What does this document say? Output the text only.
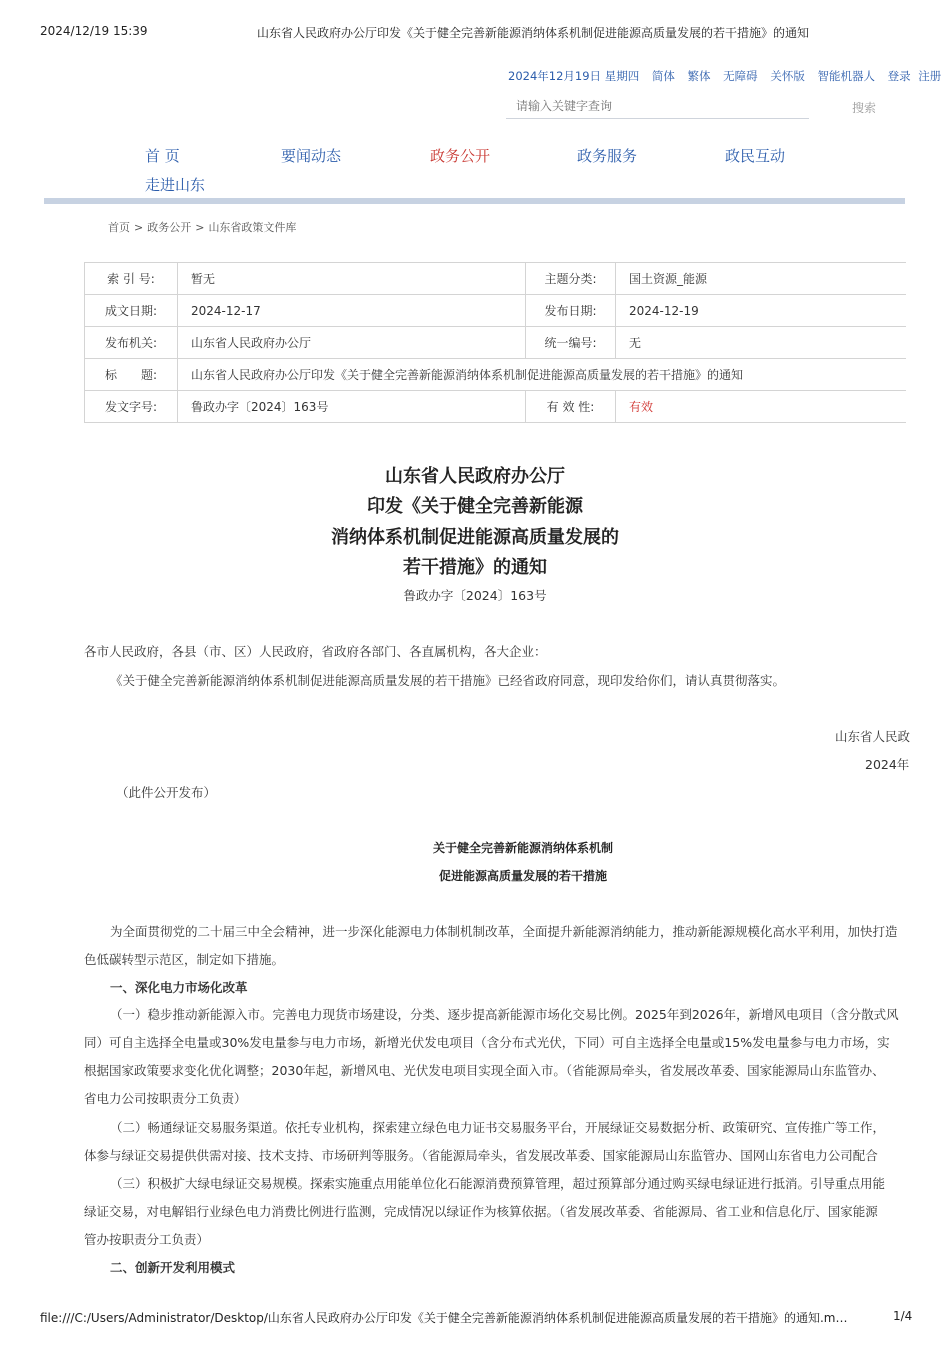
2024/12/19 15:39	山东省人民政府办公厅印发《关于健全完善新能源消纳体系机制促进能源高质量发展的若干措施》的通知
2024年12月19日 星期四 简体 繁体 无障碍 关怀版 智能机器人 登录 注册
请输入关键字查询
搜索
首 页	要闻动态	政务公开	政务服务	政民互动
走进山东
首页 > 政务公开 > 山东省政策文件库
索 引 号:	暂无	主题分类:	国土资源_能源
成文日期:	2024-12-17	发布日期:	2024-12-19
发布机关:	山东省人民政府办公厅	统一编号:	无
标　　题:	山东省人民政府办公厅印发《关于健全完善新能源消纳体系机制促进能源高质量发展的若干措施》的通知		
发文字号:	鲁政办字〔2024〕163号	有 效 性:	有效
山东省人民政府办公厅
印发《关于健全完善新能源
消纳体系机制促进能源高质量发展的
若干措施》的通知
鲁政办字〔2024〕163号
各市人民政府，各县（市、区）人民政府，省政府各部门、各直属机构，各大企业：
《关于健全完善新能源消纳体系机制促进能源高质量发展的若干措施》已经省政府同意，现印发给你们，请认真贯彻落实。
山东省人民政
2024年
（此件公开发布）
关于健全完善新能源消纳体系机制
促进能源高质量发展的若干措施
为全面贯彻党的二十届三中全会精神，进一步深化能源电力体制机制改革，全面提升新能源消纳能力，推动新能源规模化高水平利用，加快打造
色低碳转型示范区，制定如下措施。
一、深化电力市场化改革
（一）稳步推动新能源入市。完善电力现货市场建设，分类、逐步提高新能源市场化交易比例。2025年到2026年，新增风电项目（含分散式风
同）可自主选择全电量或30%发电量参与电力市场，新增光伏发电项目（含分布式光伏，下同）可自主选择全电量或15%发电量参与电力市场，实
根据国家政策要求变化优化调整；2030年起，新增风电、光伏发电项目实现全面入市。（省能源局牵头，省发展改革委、国家能源局山东监管办、
省电力公司按职责分工负责）
（二）畅通绿证交易服务渠道。依托专业机构，探索建立绿色电力证书交易服务平台，开展绿证交易数据分析、政策研究、宣传推广等工作，
体参与绿证交易提供供需对接、技术支持、市场研判等服务。（省能源局牵头，省发展改革委、国家能源局山东监管办、国网山东省电力公司配合
（三）积极扩大绿电绿证交易规模。探索实施重点用能单位化石能源消费预算管理，超过预算部分通过购买绿电绿证进行抵消。引导重点用能
绿证交易，对电解铝行业绿色电力消费比例进行监测，完成情况以绿证作为核算依据。（省发展改革委、省能源局、省工业和信息化厅、国家能源
管办按职责分工负责）
二、创新开发利用模式
file:///C:/Users/Administrator/Desktop/山东省人民政府办公厅印发《关于健全完善新能源消纳体系机制促进能源高质量发展的若干措施》的通知.m…	1/4
